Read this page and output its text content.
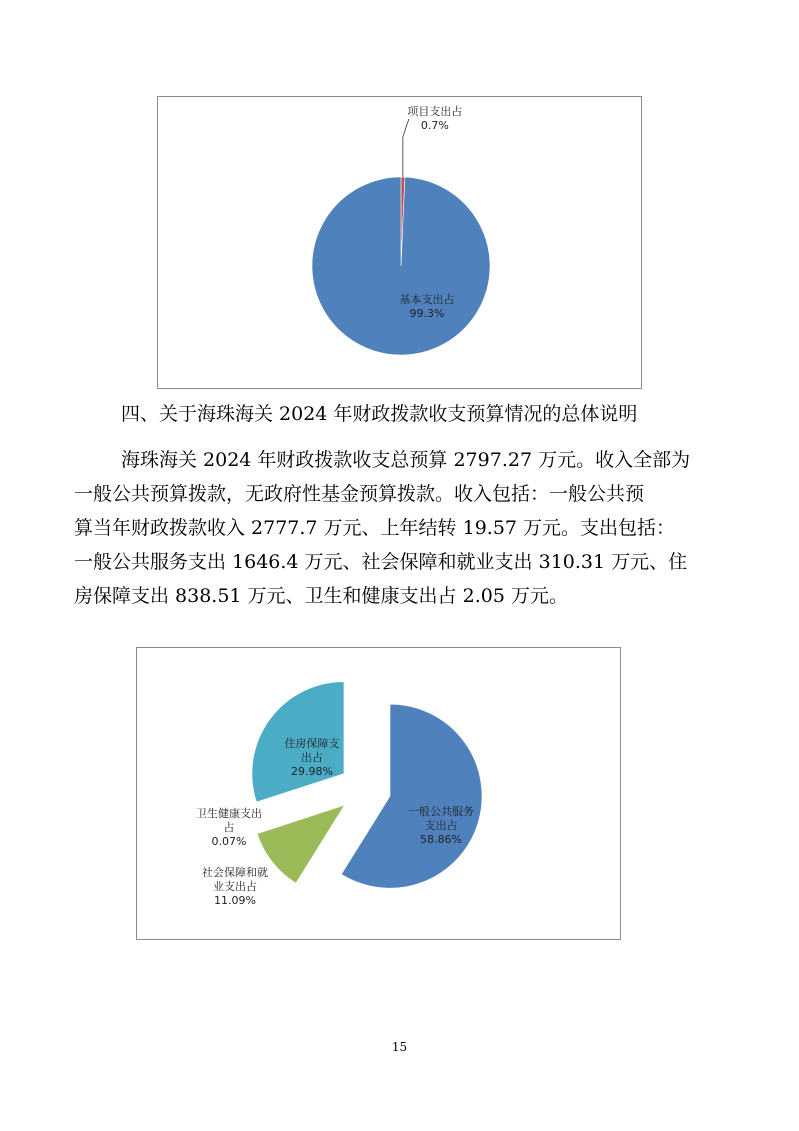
项目支出占 0.7%
基本支出占 99.3%
四、关于海珠海关 2024 年财政拨款收支预算情况的总体说明
海珠海关 2024 年财政拨款收支总预算 2797.27 万元。收入全部为
一般公共预算拨款，无政府性基金预算拨款。收入包括：一般公共预
算当年财政拨款收入 2777.7 万元、上年结转 19.57 万元。支出包括：
一般公共服务支出 1646.4 万元、社会保障和就业支出 310.31 万元、住
房保障支出 838.51 万元、卫生和健康支出占 2.05 万元。
一般公共服务支出占 58.86%
社会保障和就业支出占 11.09%
卫生健康支出占 0.07%
住房保障支出占 29.98%
15
